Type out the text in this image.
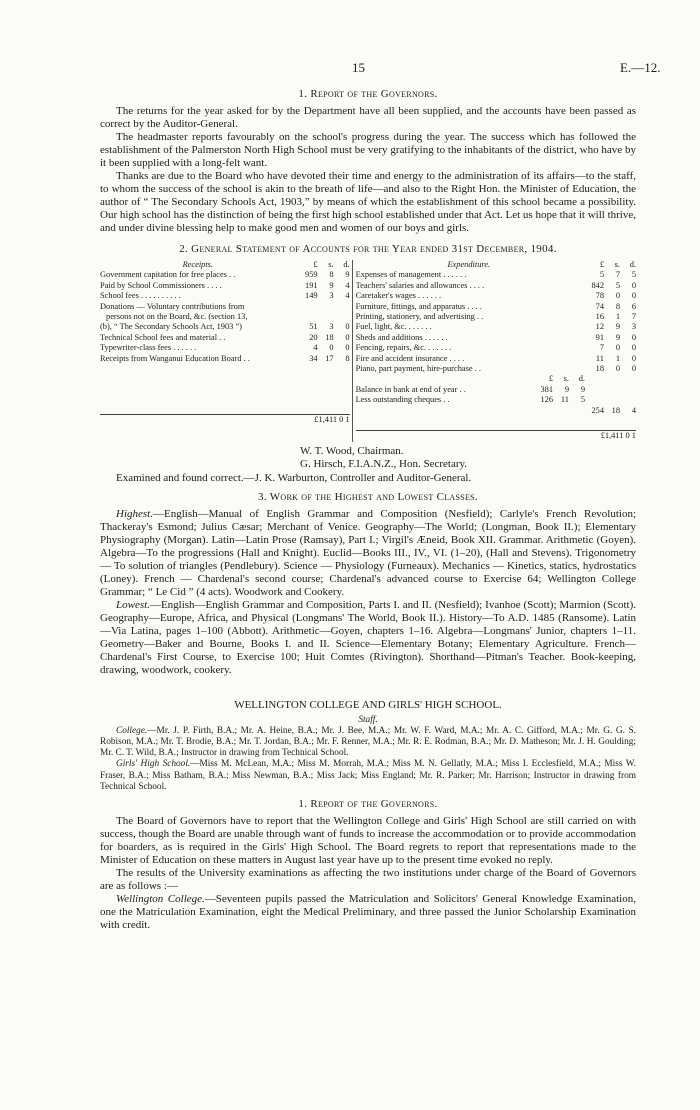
15	E.—12.
1. Report of the Governors.

The returns for the year asked for by the Department have all been supplied, and the accounts have been passed as correct by the Auditor-General.

The headmaster reports favourably on the school's progress during the year. The success which has followed the establishment of the Palmerston North High School must be very gratifying to the inhabitants of the district, who have by it been supplied with a long-felt want.

Thanks are due to the Board who have devoted their time and energy to the administration of its affairs—to the staff, to whom the success of the school is akin to the breath of life—and also to the Right Hon. the Minister of Education, the author of “ The Secondary Schools Act, 1903,” by means of which the establishment of this school became a possibility. Our high school has the distinction of being the first high school established under that Act. Let us hope that it will thrive, and under divine blessing help to make good men and women of our boys and girls.

2. General Statement of Accounts for the Year ended 31st December, 1904.
Receipts.	£	s.	d.
Government capitation for free places . .	959	8	9
Paid by School Commissioners . . . .	191	9	4
School fees . . . . . . . . . .	149	3	4
Donations — Voluntary contributions from
persons not on the Board, &c. (section 13,
(b), “ The Secondary Schools Act, 1903 ”)	51	3	0
Technical School fees and material . .	20 18	0
Typewriter-class fees . . . . . .	4	0	0
Receipts from Wanganui Education Board . .	34 17	8
£1,411 0 1
Expenditure.	£	s.	d.
Expenses of management . . . . . .	5	7	5
Teachers' salaries and allowances . . . .	842	5	0
Caretaker's wages . . . . . .	78	0	0
Furniture, fittings, and apparatus . . . .	74	8	6
Printing, stationery, and advertising . .	16	1	7
Fuel, light, &c. . . . . . .	12	9	3
Sheds and additions . . . . . .	91	9	0
Fencing, repairs, &c. . . . . . .	7	0	0
Fire and accident insurance . . . .	11	1	0
Piano, part payment, hire-purchase . .	18	0	0
£	s.	d.
Balance in bank at end of year . .	381	9	9
Less outstanding cheques . .	126 11	5
254 18	4
£1,411 0 1
W. T. Wood, Chairman.
G. Hirsch, F.I.A.N.Z., Hon. Secretary.

Examined and found correct.—J. K. Warburton, Controller and Auditor-General.

3. Work of the Highest and Lowest Classes.

Highest.—English—Manual of English Grammar and Composition (Nesfield); Carlyle's French Revolution; Thackeray's Esmond; Julius Cæsar; Merchant of Venice. Geography—The World; (Longman, Book II.); Elementary Physiography (Morgan). Latin—Latin Prose (Ramsay), Part I.; Virgil's Æneid, Book XII. Grammar. Arithmetic (Goyen). Algebra—To the progressions (Hall and Knight). Euclid—Books III., IV., VI. (1–20), (Hall and Stevens). Trigonometry — To solution of triangles (Pendlebury). Science — Physiology (Furneaux). Mechanics — Kinetics, statics, hydrostatics (Loney). French — Chardenal's second course; Chardenal's advanced course to Exercise 64; Wellington College Grammar; “ Le Cid ” (4 acts). Woodwork and Cookery.

Lowest.—English—English Grammar and Composition, Parts I. and II. (Nesfield); Ivanhoe (Scott); Marmion (Scott). Geography—Europe, Africa, and Physical (Longmans' The World, Book II.). History—To A.D. 1485 (Ransome). Latin—Via Latina, pages 1–100 (Abbott). Arithmetic—Goyen, chapters 1–16. Algebra—Longmans' Junior, chapters 1–11. Geometry—Baker and Bourne, Books I. and II. Science—Elementary Botany; Elementary Agriculture. French—Chardenal's First Course, to Exercise 100; Huit Comtes (Rivington). Shorthand—Pitman's Teacher. Book-keeping, drawing, woodwork, cookery.

WELLINGTON COLLEGE AND GIRLS' HIGH SCHOOL.
Staff.

College.—Mr. J. P. Firth, B.A.; Mr. A. Heine, B.A.; Mr. J. Bee, M.A.; Mr. W. F. Ward, M.A.; Mr. A. C. Gifford, M.A.; Mr. G. G. S. Robison, M.A.; Mr. T. Brodie, B.A.; Mr. T. Jordan, B.A.; Mr. F. Renner, M.A.; Mr. R. E. Rodman, B.A.; Mr. D. Matheson; Mr. J. H. Goulding; Mr. C. T. Wild, B.A.; Instructor in drawing from Technical School.

Girls' High School.—Miss M. McLean, M.A.; Miss M. Morrah, M.A.; Miss M. N. Gellatly, M.A.; Miss I. Ecclesfield, M.A.; Miss W. Fraser, B.A.; Miss Batham, B.A.; Miss Newman, B.A.; Miss Jack; Miss England; Mr. R. Parker; Mr. Harrison; Instructor in drawing from Technical School.

1. Report of the Governors.

The Board of Governors have to report that the Wellington College and Girls' High School are still carried on with success, though the Board are unable through want of funds to increase the accommodation or to provide accommodation for boarders, as is required in the Girls' High School. The Board regrets to report that representations made to the Minister of Education on these matters in August last year have up to the present time evoked no reply.

The results of the University examinations as affecting the two institutions under charge of the Board of Governors are as follows :—

Wellington College.—Seventeen pupils passed the Matriculation and Solicitors' General Knowledge Examination, one the Matriculation Examination, eight the Medical Preliminary, and three passed the Junior Scholarship Examination with credit.
